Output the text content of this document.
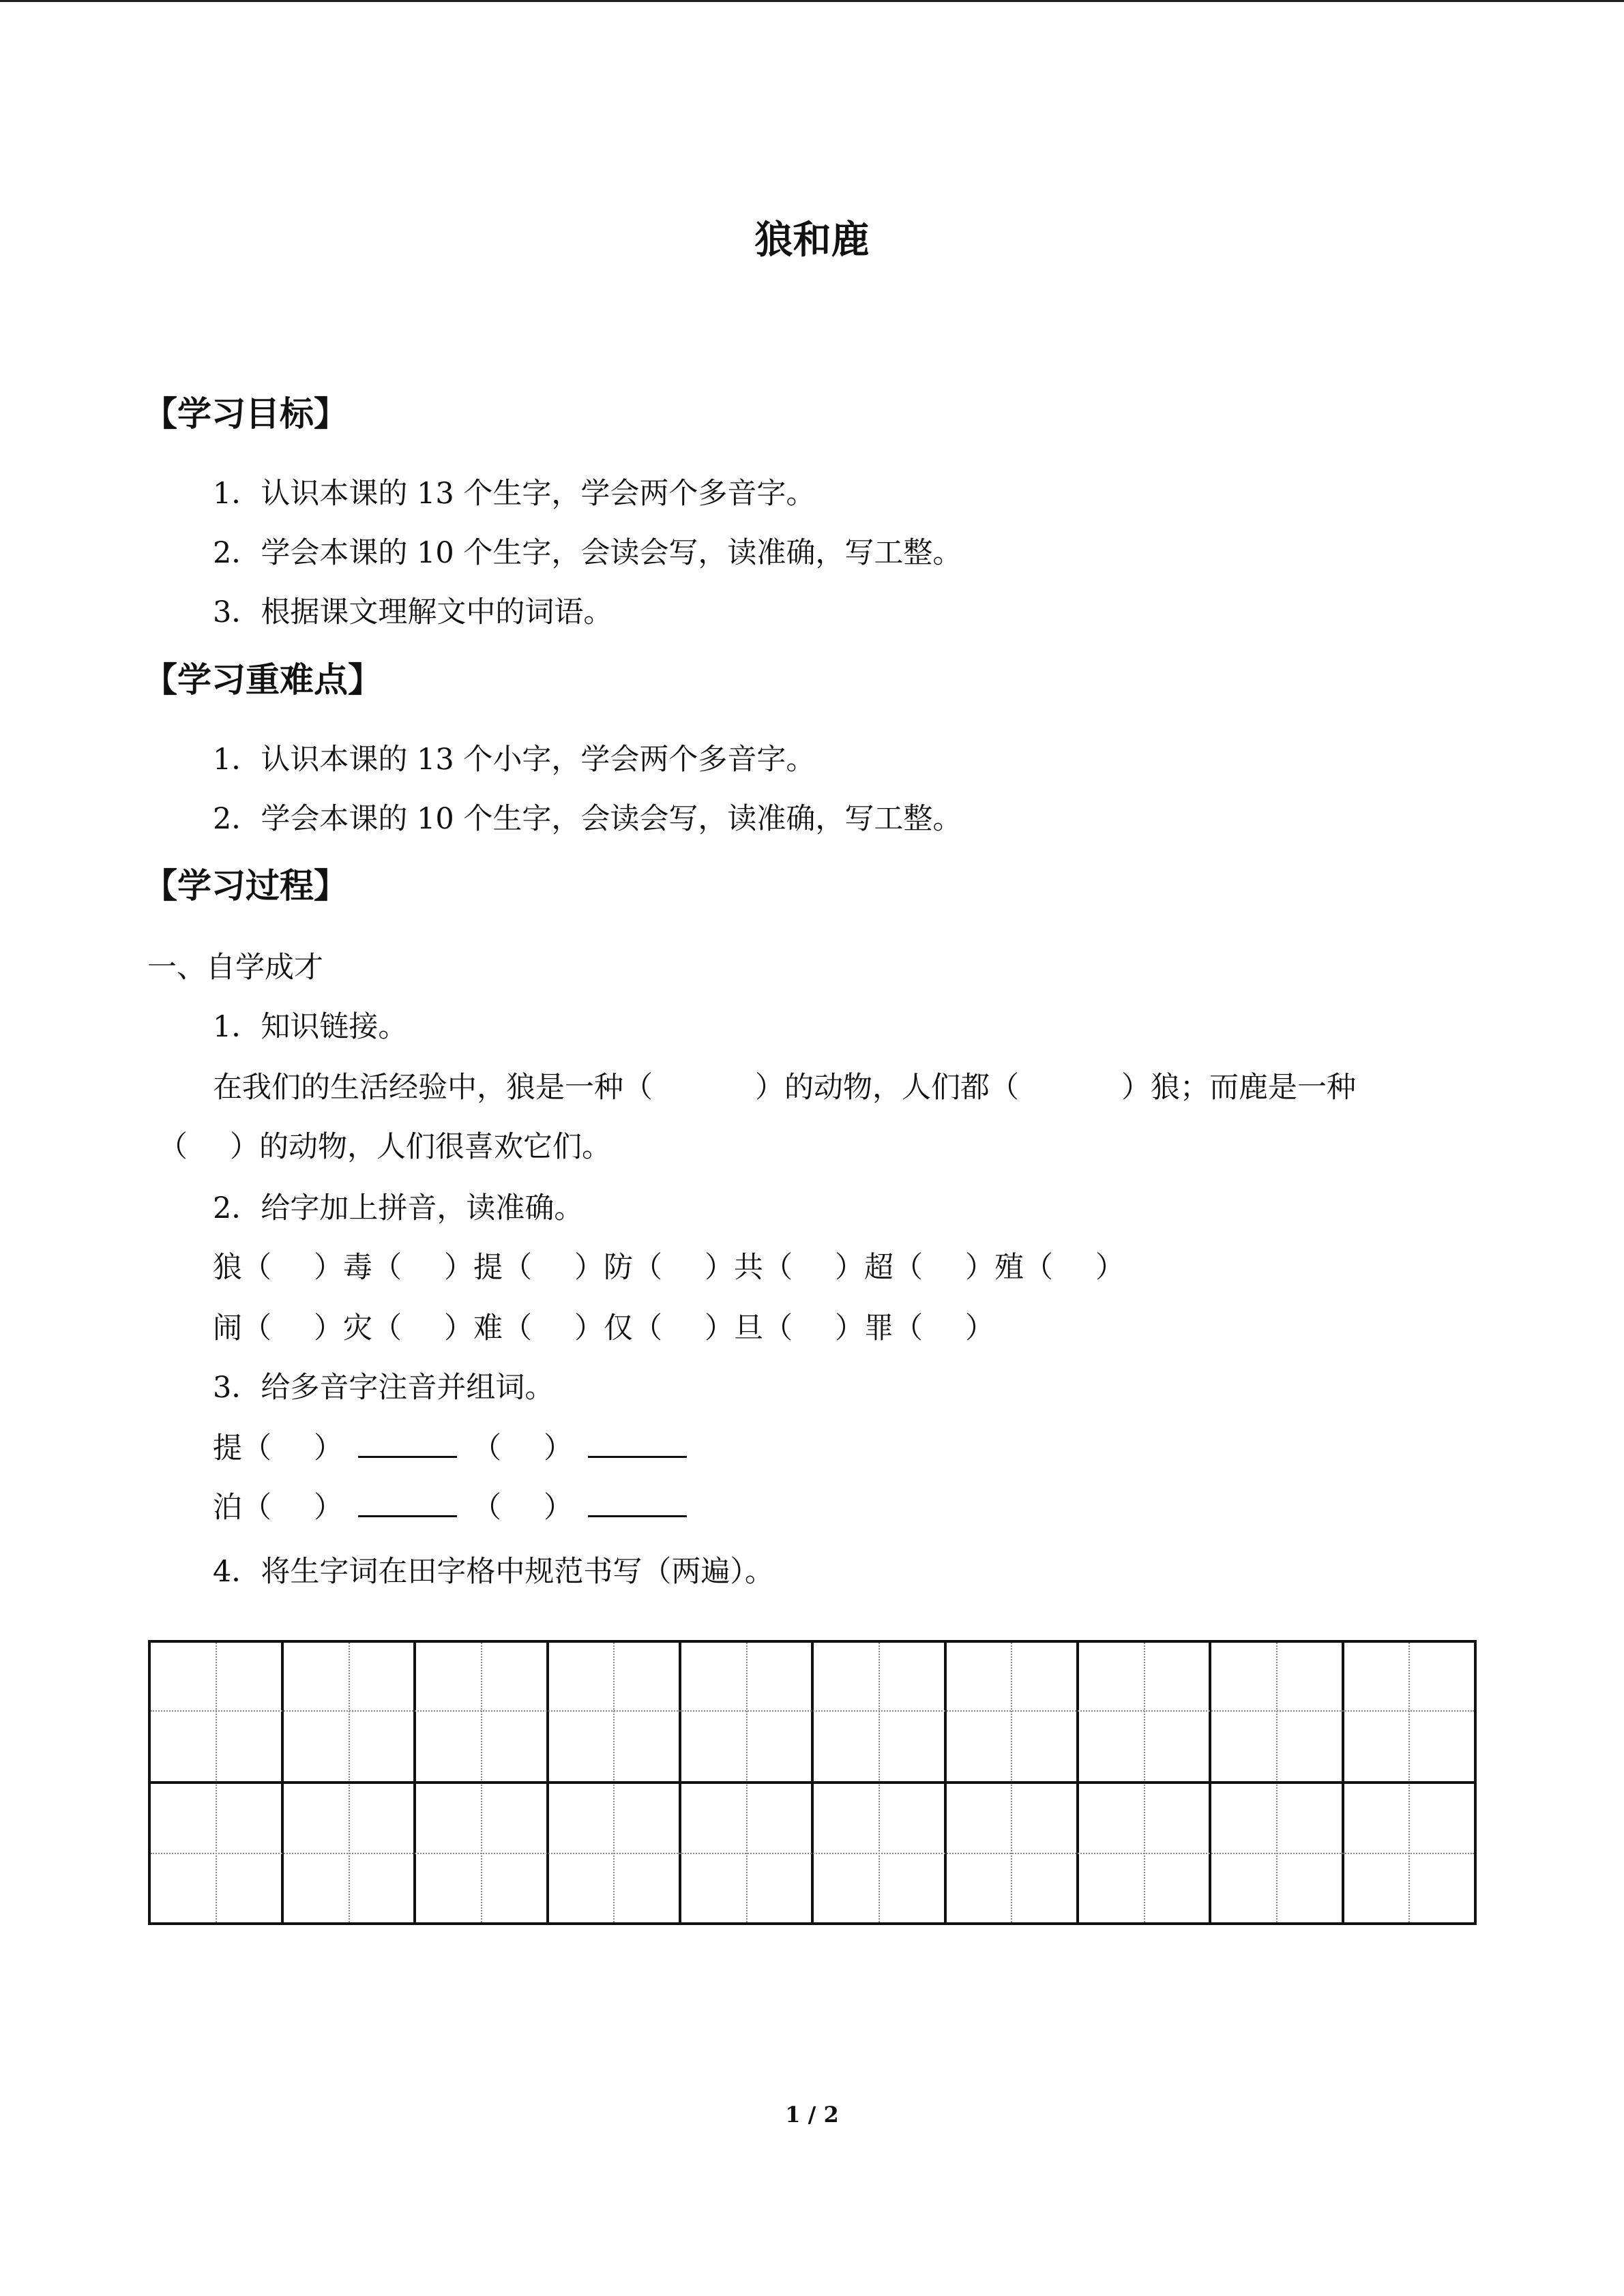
狼和鹿
【学习目标】
1．认识本课的 13 个生字，学会两个多音字。
2．学会本课的 10 个生字，会读会写，读准确，写工整。
3．根据课文理解文中的词语。
【学习重难点】
1．认识本课的 13 个小字，学会两个多音字。
2．学会本课的 10 个生字，会读会写，读准确，写工整。
【学习过程】
一、自学成才
1．知识链接。
在我们的生活经验中，狼是一种（	）的动物，人们都（	）狼；而鹿是一种
（ ）的动物，人们很喜欢它们。
2．给字加上拼音，读准确。
狼（ ）毒（ ）提（ ）防（ ）共（ ）超（ ）殖（ ）
闹（ ）灾（ ）难（ ）仅（ ）旦（ ）罪（ ）
3．给多音字注音并组词。
提（ ）	（ ）
泊（ ）	（ ）
4．将生字词在田字格中规范书写（两遍）。
1 / 2
